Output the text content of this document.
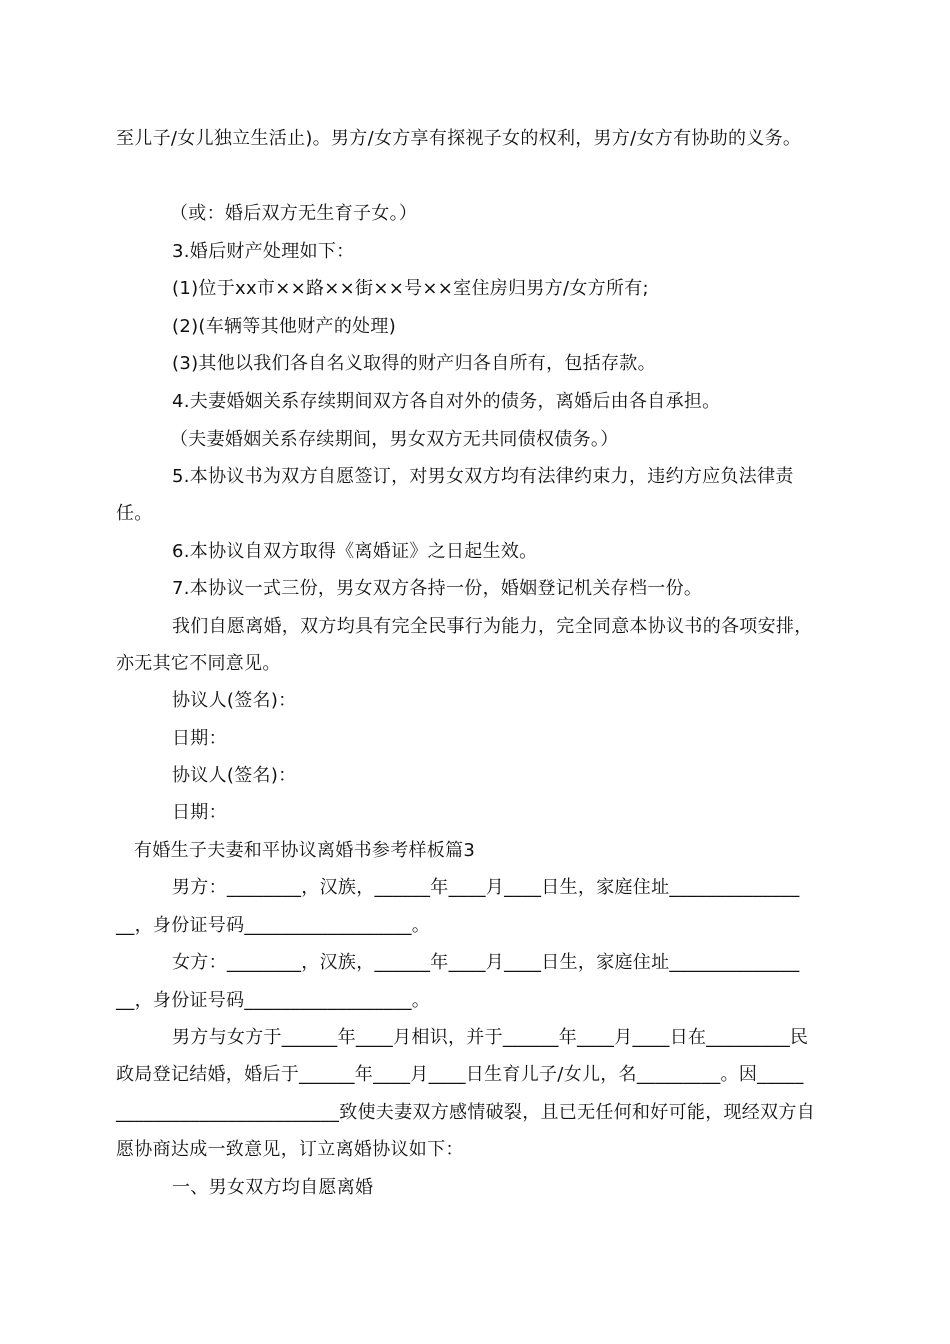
至儿子/女儿独立生活止)。男方/女方享有探视子女的权利，男方/女方有协助的义务。
（或：婚后双方无生育子女。）
3.婚后财产处理如下：
(1)位于xx市××路××街××号××室住房归男方/女方所有;
(2)(车辆等其他财产的处理)
(3)其他以我们各自名义取得的财产归各自所有，包括存款。
4.夫妻婚姻关系存续期间双方各自对外的债务，离婚后由各自承担。
（夫妻婚姻关系存续期间，男女双方无共同债权债务。）
5.本协议书为双方自愿签订，对男女双方均有法律约束力，违约方应负法律责
任。
6.本协议自双方取得《离婚证》之日起生效。
7.本协议一式三份，男女双方各持一份，婚姻登记机关存档一份。
我们自愿离婚，双方均具有完全民事行为能力，完全同意本协议书的各项安排，
亦无其它不同意见。
协议人(签名)：
日期：
协议人(签名)：
日期：
有婚生子夫妻和平协议离婚书参考样板篇3
男方：________，汉族，______年____月____日生，家庭住址______________
__，身份证号码__________________。
女方：________，汉族，______年____月____日生，家庭住址______________
__，身份证号码__________________。
男方与女方于______年____月相识，并于______年____月____日在_________民
政局登记结婚，婚后于______年____月____日生育儿子/女儿，名_________。因_____
________________________致使夫妻双方感情破裂，且已无任何和好可能，现经双方自
愿协商达成一致意见，订立离婚协议如下：
一、男女双方均自愿离婚
